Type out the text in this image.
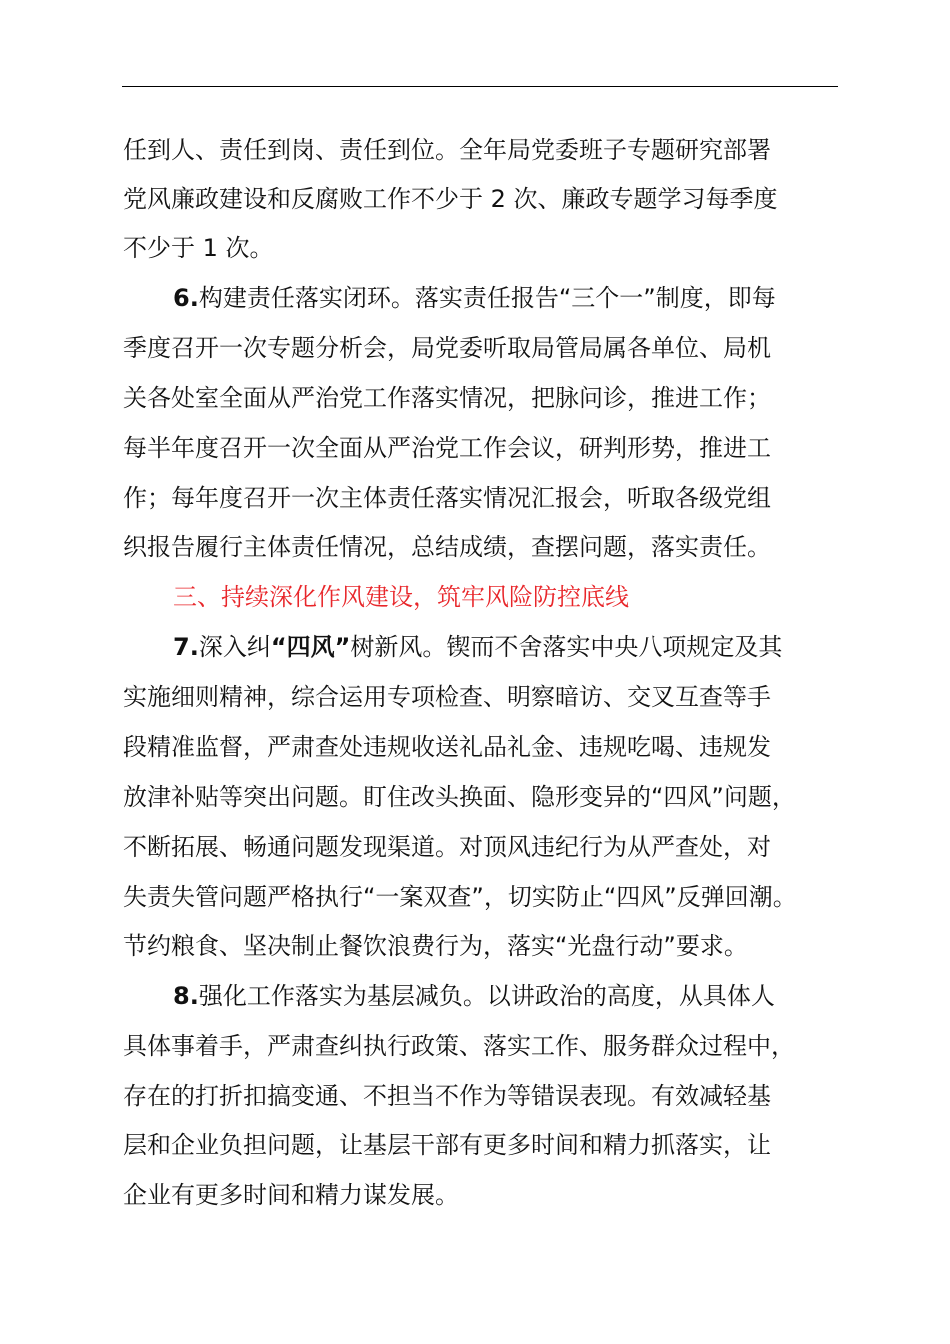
任到人、责任到岗、责任到位。全年局党委班子专题研究部署
党风廉政建设和反腐败工作不少于 2 次、廉政专题学习每季度
不少于 1 次。
6.构建责任落实闭环。落实责任报告“三个一”制度，即每
季度召开一次专题分析会，局党委听取局管局属各单位、局机
关各处室全面从严治党工作落实情况，把脉问诊，推进工作；
每半年度召开一次全面从严治党工作会议，研判形势，推进工
作；每年度召开一次主体责任落实情况汇报会，听取各级党组
织报告履行主体责任情况，总结成绩，查摆问题，落实责任。
三、持续深化作风建设，筑牢风险防控底线
7.深入纠“四风”树新风。锲而不舍落实中央八项规定及其
实施细则精神，综合运用专项检查、明察暗访、交叉互查等手
段精准监督，严肃查处违规收送礼品礼金、违规吃喝、违规发
放津补贴等突出问题。盯住改头换面、隐形变异的“四风”问题，
不断拓展、畅通问题发现渠道。对顶风违纪行为从严查处，对
失责失管问题严格执行“一案双查”，切实防止“四风”反弹回潮。
节约粮食、坚决制止餐饮浪费行为，落实“光盘行动”要求。
8.强化工作落实为基层减负。以讲政治的高度，从具体人
具体事着手，严肃查纠执行政策、落实工作、服务群众过程中，
存在的打折扣搞变通、不担当不作为等错误表现。有效减轻基
层和企业负担问题，让基层干部有更多时间和精力抓落实，让
企业有更多时间和精力谋发展。
